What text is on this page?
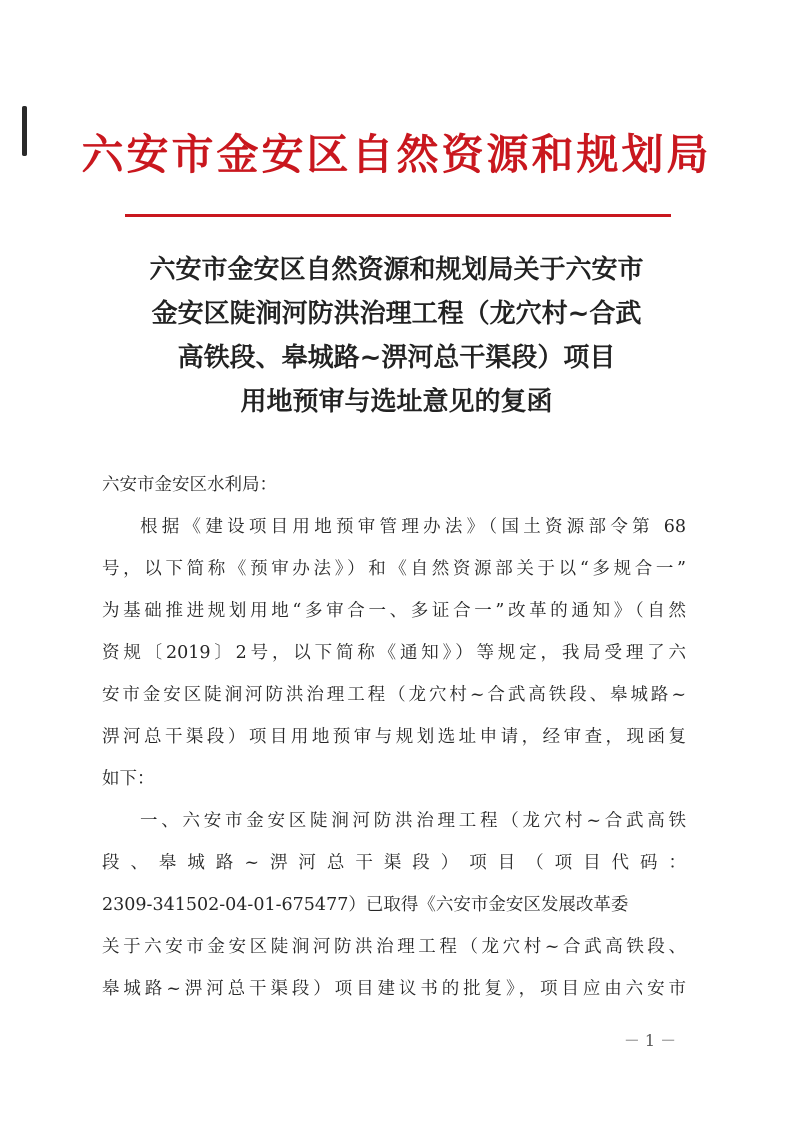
六安市金安区自然资源和规划局
六安市金安区自然资源和规划局关于六安市
金安区陡涧河防洪治理工程（龙穴村~合武
高铁段、皋城路~淠河总干渠段）项目
用地预审与选址意见的复函
六安市金安区水利局：
根据《建设项目用地预审管理办法》（国土资源部令第 68
号，以下简称《预审办法》）和《自然资源部关于以“多规合一”
为基础推进规划用地“多审合一、多证合一”改革的通知》（自然
资规〔2019〕2号，以下简称《通知》）等规定，我局受理了六
安市金安区陡涧河防洪治理工程（龙穴村~合武高铁段、皋城路~
淠河总干渠段）项目用地预审与规划选址申请，经审查，现函复
如下：
一、六安市金安区陡涧河防洪治理工程（龙穴村~合武高铁
段、皋城路~淠河总干渠段）项目（项目代码：
2309-341502-04-01-675477）已取得《六安市金安区发展改革委
关于六安市金安区陡涧河防洪治理工程（龙穴村~合武高铁段、
皋城路~淠河总干渠段）项目建议书的批复》，项目应由六安市
－ 1 －
